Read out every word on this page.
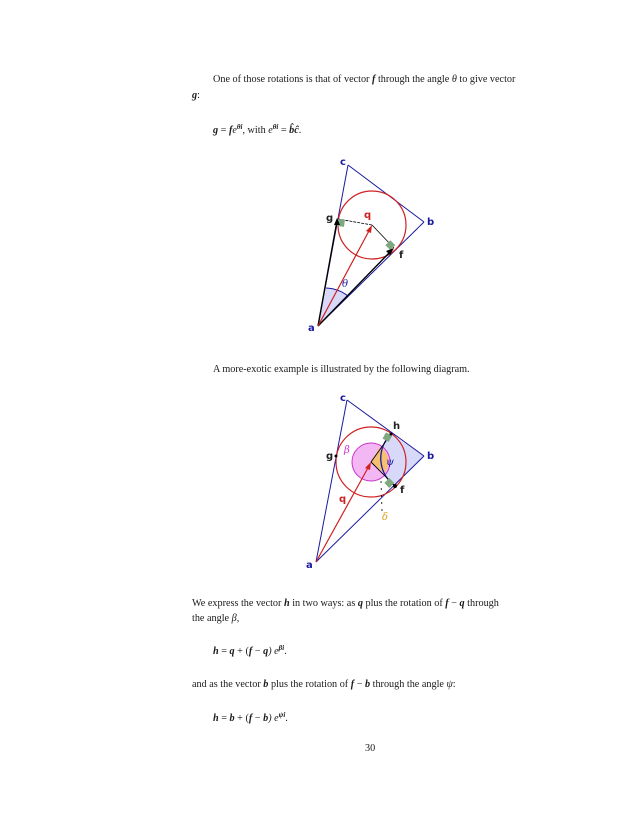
One of those rotations is that of vector f through the angle θ to give vector
g:
$g = fe^{\theta i}$, with $e^{\theta i}$ = b̂ĉ.
c
g	q
b
f
θ
a
A more-exotic example is illustrated by the following diagram.
c
h
g
β
ψ
b
f
q
δ
a
We express the vector h in two ways: as q plus the rotation of f − q through
the angle β,
h = q + (f − q) $e^{\beta i}$.
and as the vector b plus the rotation of f − b through the angle ψ:
h = b + (f − b) $e^{\psi i}$.
30
